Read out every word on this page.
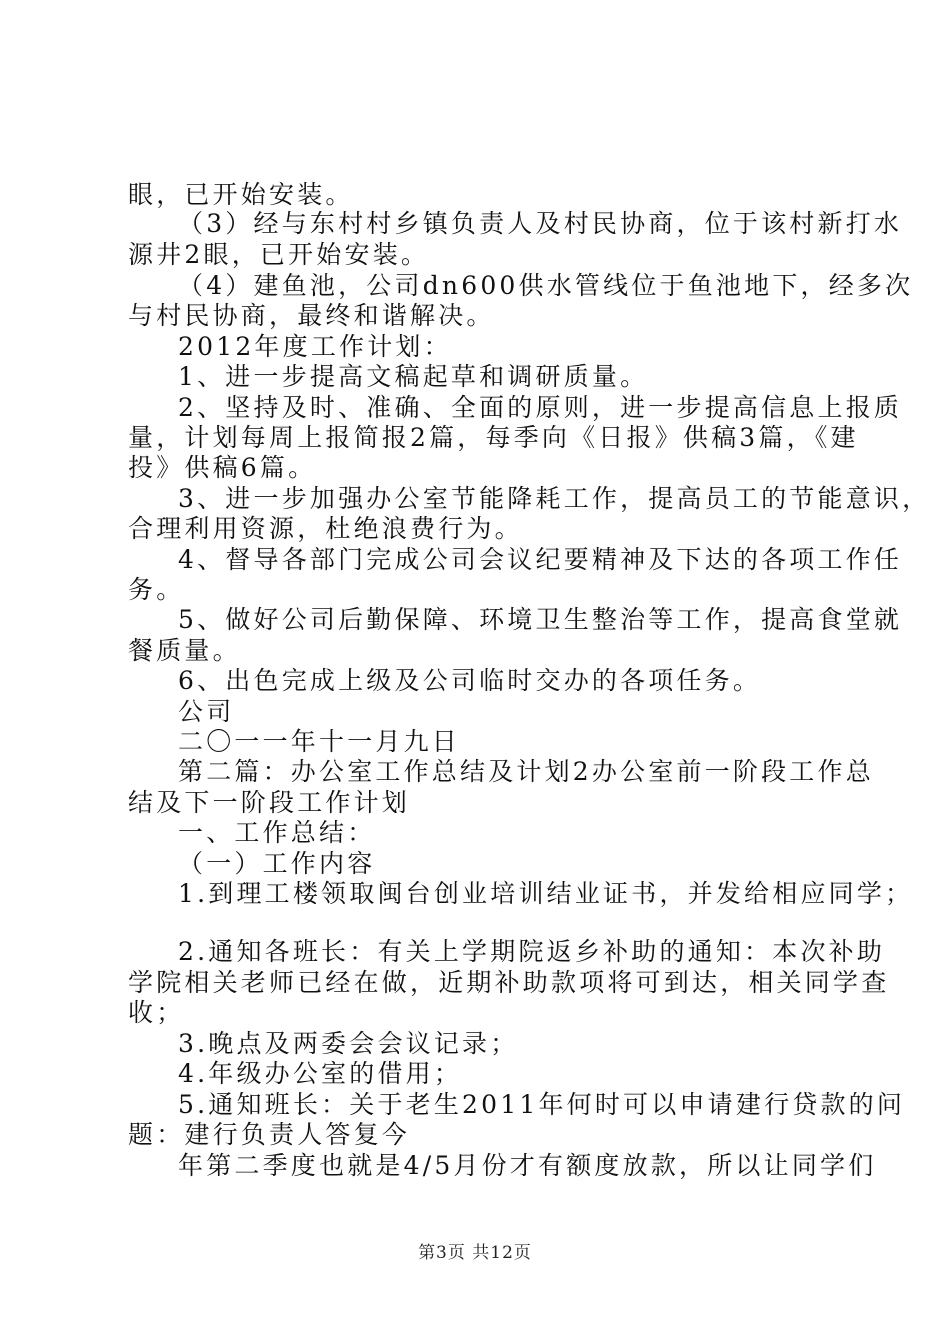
眼，已开始安装。
（3）经与东村村乡镇负责人及村民协商，位于该村新打水
源井2眼，已开始安装。
（4）建鱼池，公司dn600供水管线位于鱼池地下，经多次
与村民协商，最终和谐解决。
2012年度工作计划：
1、进一步提高文稿起草和调研质量。
2、坚持及时、准确、全面的原则，进一步提高信息上报质
量，计划每周上报简报2篇，每季向《日报》供稿3篇，《建
投》供稿6篇。
3、进一步加强办公室节能降耗工作，提高员工的节能意识，
合理利用资源，杜绝浪费行为。
4、督导各部门完成公司会议纪要精神及下达的各项工作任
务。
5、做好公司后勤保障、环境卫生整治等工作，提高食堂就
餐质量。
6、出色完成上级及公司临时交办的各项任务。
公司
二〇一一年十一月九日
第二篇：办公室工作总结及计划2办公室前一阶段工作总
结及下一阶段工作计划
一、工作总结：
（一）工作内容
1.到理工楼领取闽台创业培训结业证书，并发给相应同学；
2.通知各班长：有关上学期院返乡补助的通知：本次补助
学院相关老师已经在做，近期补助款项将可到达，相关同学查
收；
3.晚点及两委会会议记录；
4.年级办公室的借用；
5.通知班长：关于老生2011年何时可以申请建行贷款的问
题：建行负责人答复今
年第二季度也就是4/5月份才有额度放款，所以让同学们
第3页 共12页
